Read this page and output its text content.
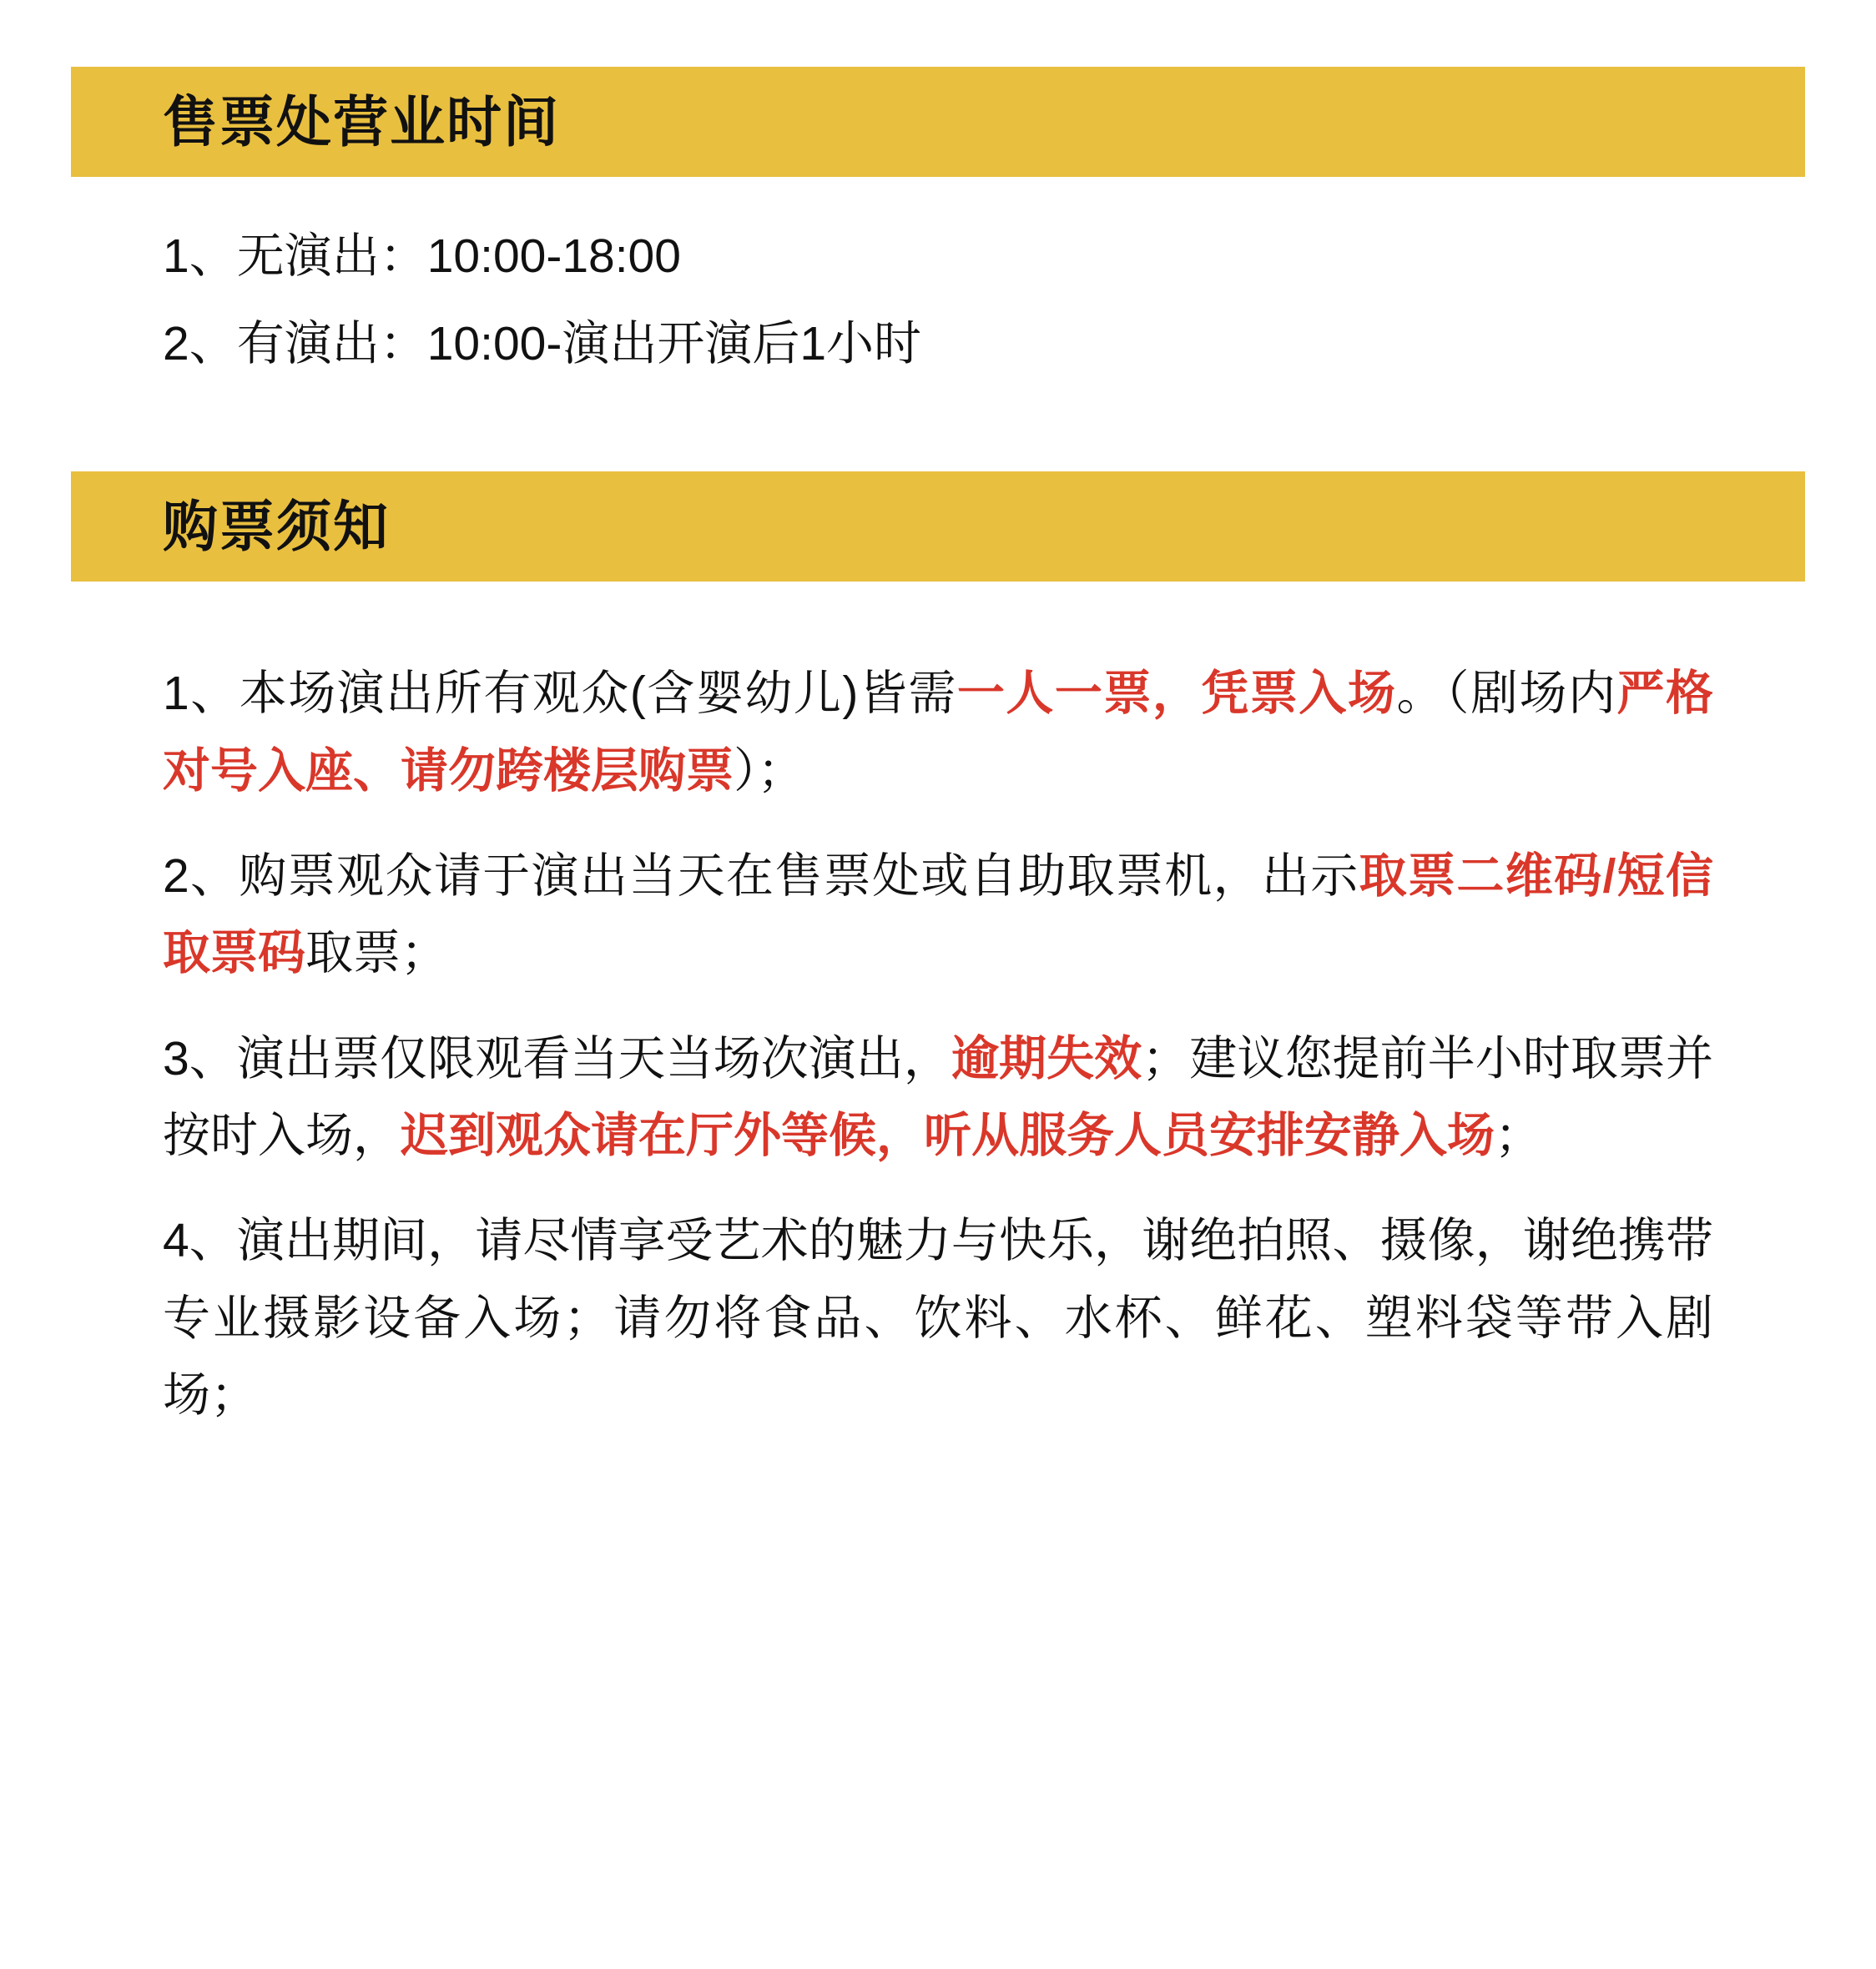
售票处营业时间

1、无演出：10:00-18:00

2、有演出：10:00-演出开演后1小时

购票须知

1、本场演出所有观众(含婴幼儿)皆需一人一票，凭票入场。（剧场内严格对号入座、请勿跨楼层购票）；

2、购票观众请于演出当天在售票处或自助取票机，出示取票二维码/短信取票码取票；

3、演出票仅限观看当天当场次演出，逾期失效；建议您提前半小时取票并按时入场，迟到观众请在厅外等候，听从服务人员安排安静入场；

4、演出期间，请尽情享受艺术的魅力与快乐，谢绝拍照、摄像，谢绝携带专业摄影设备入场；请勿将食品、饮料、水杯、鲜花、塑料袋等带入剧场；
